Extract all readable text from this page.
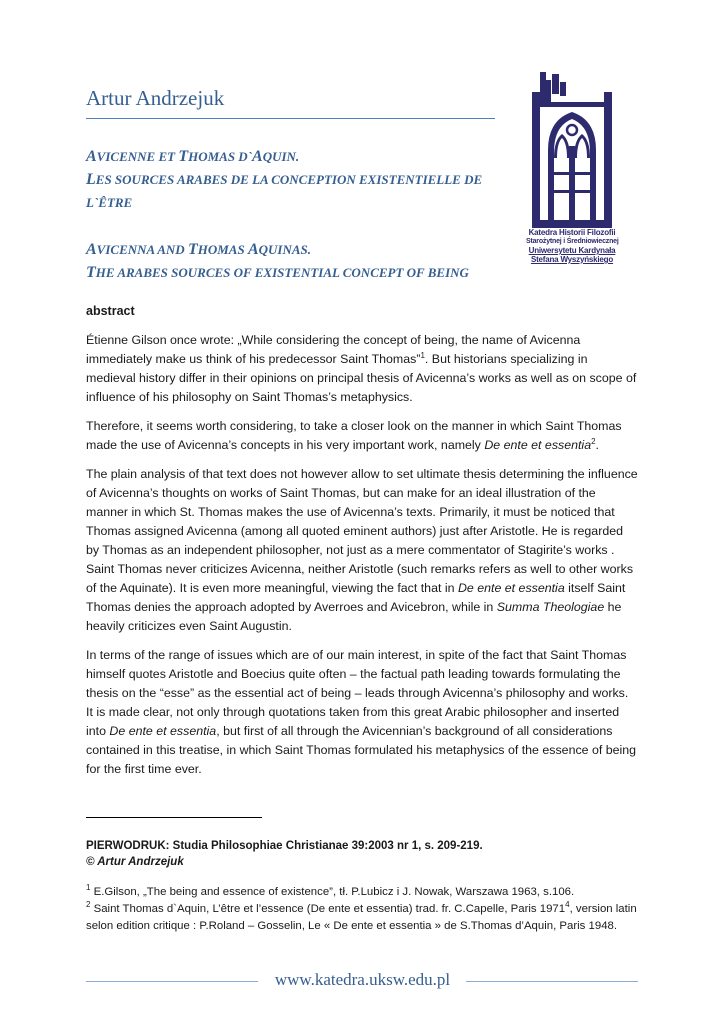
Artur Andrzejuk
Katedra Historii Filozofii
Starożytnej i Średniowiecznej
Uniwersytetu Kardynała
Stefana Wyszyńskiego
AVICENNE ET THOMAS D`AQUIN.
LES SOURCES ARABES DE LA CONCEPTION EXISTENTIELLE DE
L`ÊTRE
AVICENNA AND THOMAS AQUINAS.
THE ARABES SOURCES OF EXISTENTIAL CONCEPT OF BEING
abstract

Étienne Gilson once wrote: „While considering the concept of being, the name of Avicenna immediately make us think of his predecessor Saint Thomas”$^1$. But historians specializing in medieval history differ in their opinions on principal thesis of Avicenna’s works as well as on scope of influence of his philosophy on Saint Thomas’s metaphysics.

Therefore, it seems worth considering, to take a closer look on the manner in which Saint Thomas made the use of Avicenna’s concepts in his very important work, namely De ente et essentia$^2$.

The plain analysis of that text does not however allow to set ultimate thesis determining the influence of Avicenna’s thoughts on works of Saint Thomas, but can make for an ideal illustration of the manner in which St. Thomas makes the use of Avicenna’s texts. Primarily, it must be noticed that Thomas assigned Avicenna (among all quoted eminent authors) just after Aristotle. He is regarded by Thomas as an independent philosopher, not just as a mere commentator of Stagirite’s works . Saint Thomas never criticizes Avicenna, neither Aristotle (such remarks refers as well to other works of the Aquinate). It is even more meaningful, viewing the fact that in De ente et essentia itself Saint Thomas denies the approach adopted by Averroes and Avicebron, while in Summa Theologiae he heavily criticizes even Saint Augustin.

In terms of the range of issues which are of our main interest, in spite of the fact that Saint Thomas himself quotes Aristotle and Boecius quite often – the factual path leading towards formulating the thesis on the “esse” as the essential act of being – leads through Avicenna’s philosophy and works. It is made clear, not only through quotations taken from this great Arabic philosopher and inserted into De ente et essentia, but first of all through the Avicennian’s background of all considerations contained in this treatise, in which Saint Thomas formulated his metaphysics of the essence of being for the first time ever.

PIERWODRUK: Studia Philosophiae Christianae 39:2003 nr 1, s. 209-219.
© Artur Andrzejuk
$^1$ E.Gilson, „The being and essence of existence”, tł. P.Lubicz i J. Nowak, Warszawa 1963, s.106.
$^2$ Saint Thomas d`Aquin, L’être et l’essence (De ente et essentia) trad. fr. C.Capelle, Paris 1971$^4$, version latin selon edition critique : P.Roland – Gosselin, Le « De ente et essentia » de S.Thomas d’Aquin, Paris 1948.
www.katedra.uksw.edu.pl
